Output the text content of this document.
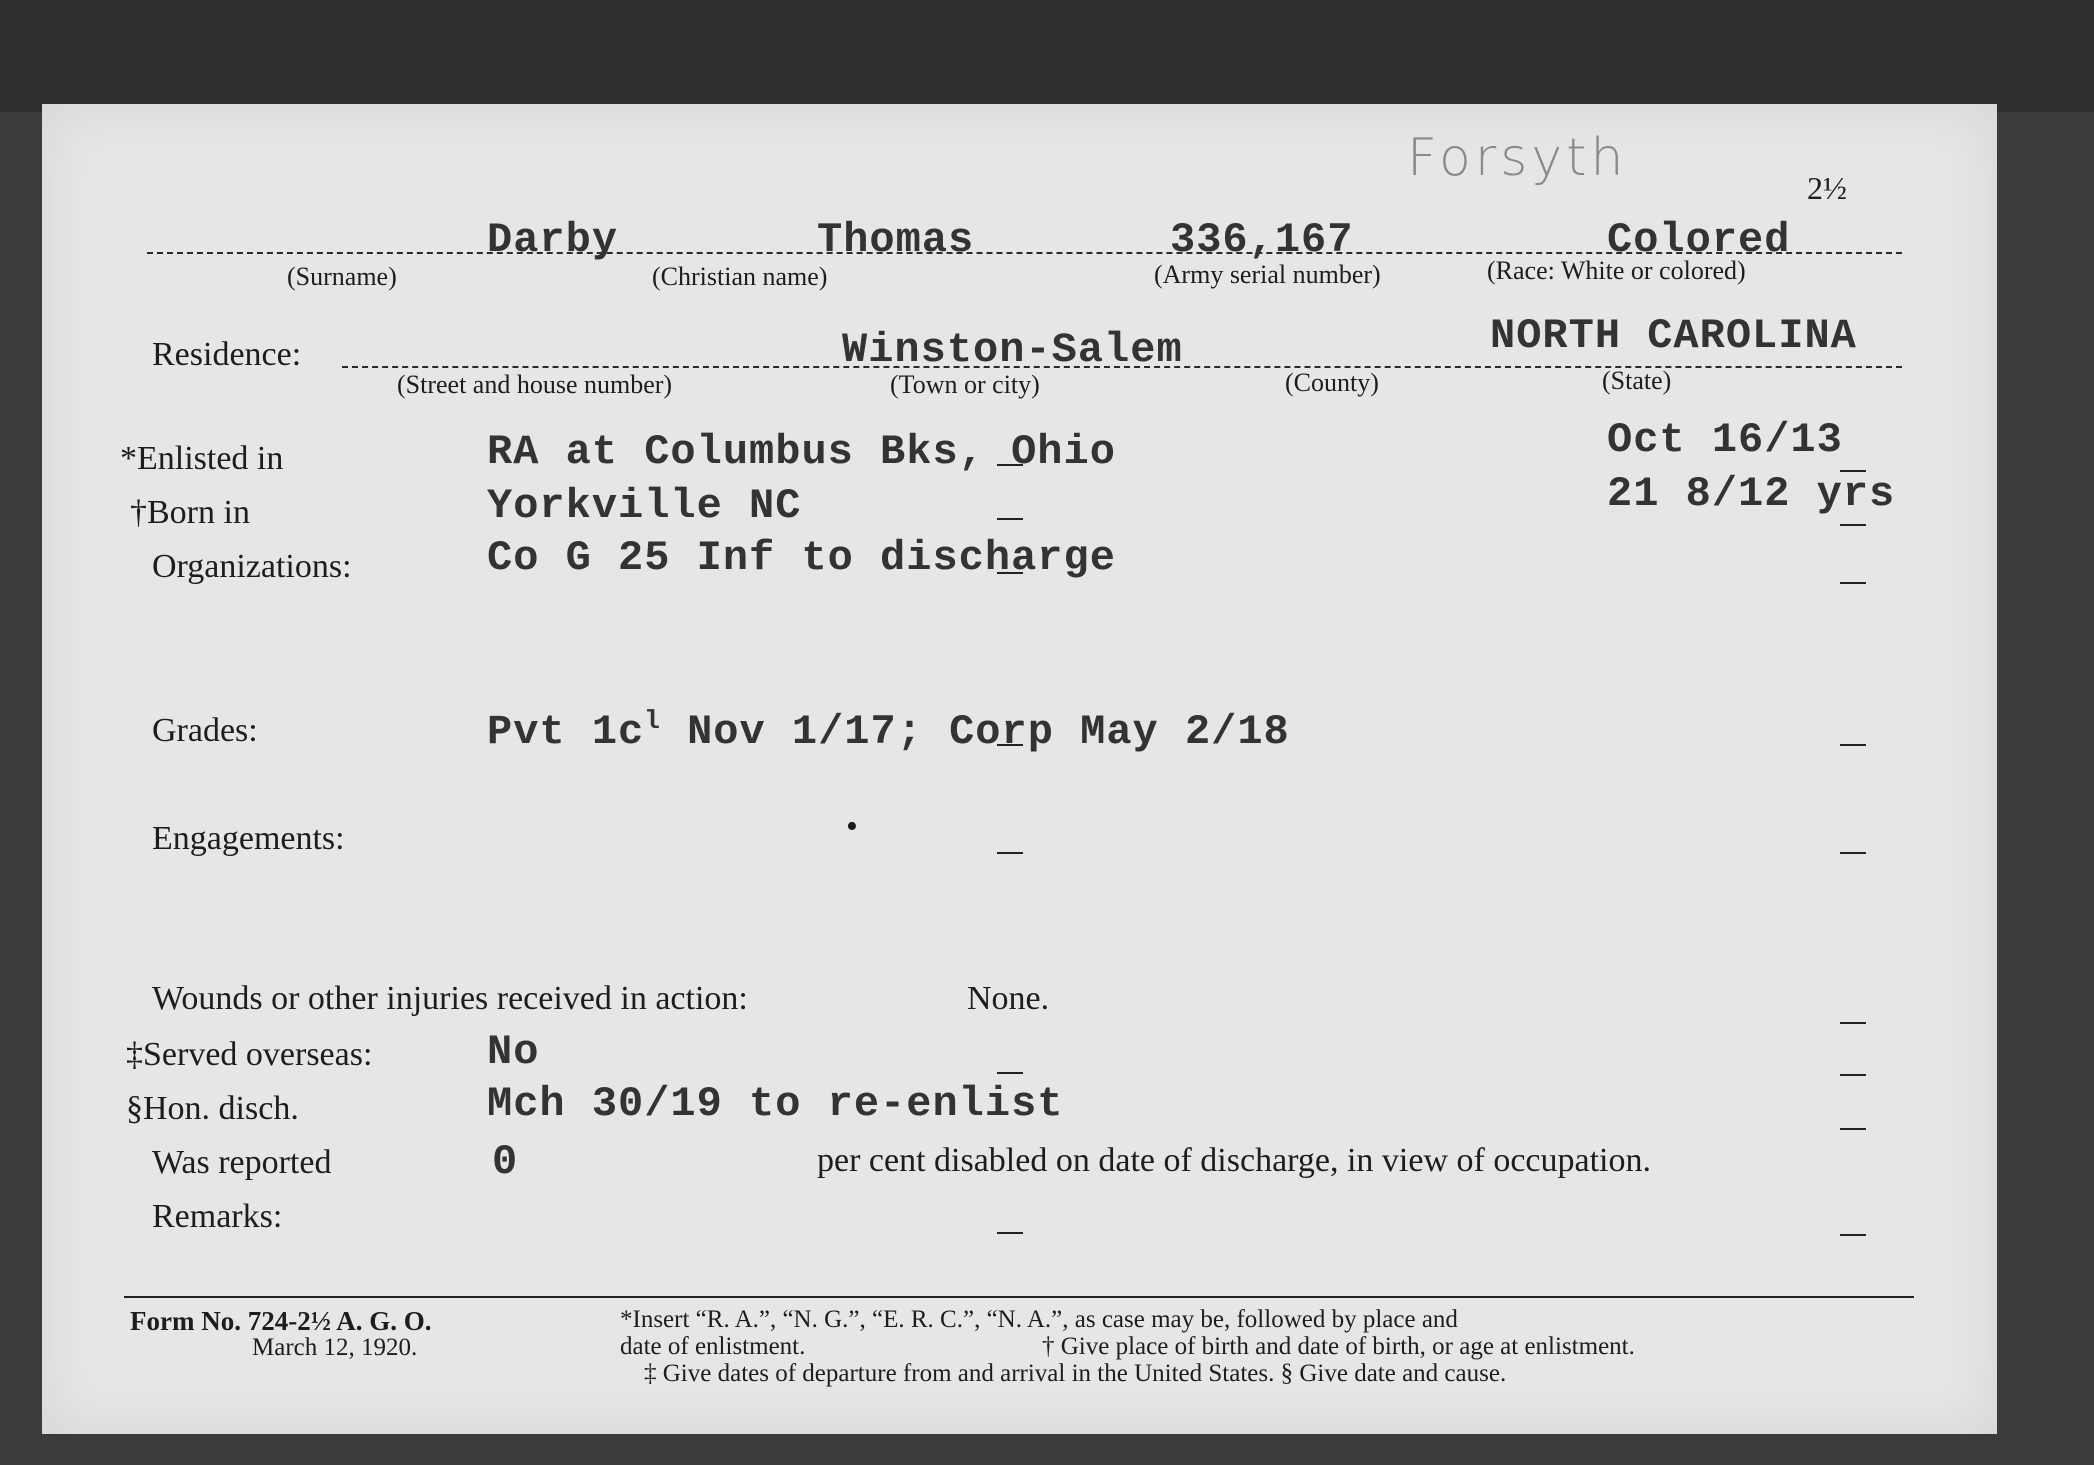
Forsyth	2½
Darby	Thomas	336,167	Colored
(Surname)	(Christian name)	(Army serial number)	(Race: White or colored)
Residence:	Winston-Salem	NORTH CAROLINA
(Street and house number)	(Town or city)	(County)	(State)
*Enlisted in	RA at Columbus Bks, Ohio	Oct 16/13
†Born in	Yorkville NC	21 8/12 yrs
Organizations:	Co G 25 Inf to discharge
Grades:	Pvt $1c^l$ Nov 1/17; Corp May 2/18
Engagements:	•
Wounds or other injuries received in action:	None.
‡Served overseas:	No
§Hon. disch.	Mch 30/19 to re-enlist
Was reported	0	per cent disabled on date of discharge, in view of occupation.
Remarks:
Form No. 724-2½ A. G. O.
March 12, 1920.
*Insert “R. A.”, “N. G.”, “E. R. C.”, “N. A.”, as case may be, followed by place and
date of enlistment.	† Give place of birth and date of birth, or age at enlistment.
‡ Give dates of departure from and arrival in the United States. § Give date and cause.
